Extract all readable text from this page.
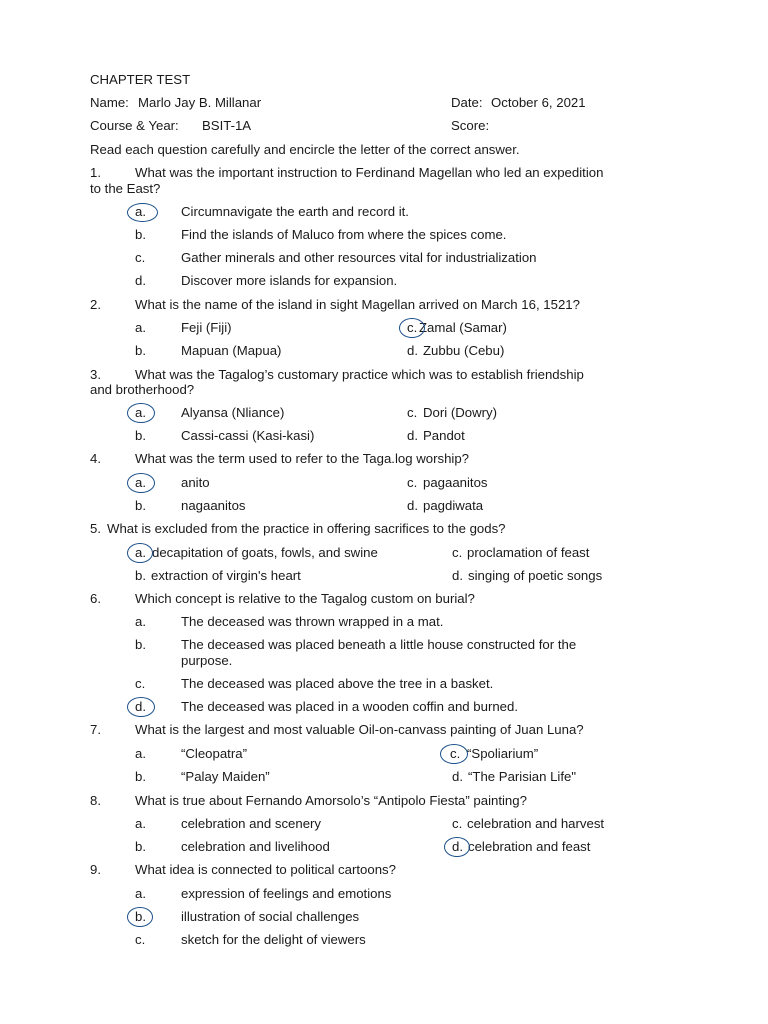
CHAPTER TEST
Name: Marlo Jay B. Millanar	Date: October 6, 2021
Course & Year: BSIT-1A	Score:
Read each question carefully and encircle the letter of the correct answer.
1.	What was the important instruction to Ferdinand Magellan who led an expedition
to the East?
a.	Circumnavigate the earth and record it.
b.	Find the islands of Maluco from where the spices come.
c.	Gather minerals and other resources vital for industrialization
d.	Discover more islands for expansion.
2.	What is the name of the island in sight Magellan arrived on March 16, 1521?
a.	Feji (Fiji)	c. Zamal (Samar)
b.	Mapuan (Mapua)	d. Zubbu (Cebu)
3.	What was the Tagalog’s customary practice which was to establish friendship
and brotherhood?
a.	Alyansa (Nliance)	c. Dori (Dowry)
b.	Cassi-cassi (Kasi-kasi)	d. Pandot
4.	What was the term used to refer to the Taga.log worship?
a.	anito	c. pagaanitos
b.	nagaanitos	d. pagdiwata
5. What is excluded from the practice in offering sacrifices to the gods?
a. decapitation of goats, fowls, and swine	c. proclamation of feast
b. extraction of virgin's heart	d. singing of poetic songs
6.	Which concept is relative to the Tagalog custom on burial?
a.	The deceased was thrown wrapped in a mat.
b.	The deceased was placed beneath a little house constructed for the
purpose.
c.	The deceased was placed above the tree in a basket.
d.	The deceased was placed in a wooden coffin and burned.
7.	What is the largest and most valuable Oil-on-canvass painting of Juan Luna?
a.	“Cleopatra”	c. “Spoliarium”
b.	“Palay Maiden”	d. “The Parisian Life"
8.	What is true about Fernando Amorsolo’s “Antipolo Fiesta” painting?
a.	celebration and scenery	c. celebration and harvest
b.	celebration and livelihood	d. celebration and feast
9.	What idea is connected to political cartoons?
a.	expression of feelings and emotions
b.	illustration of social challenges
c.	sketch for the delight of viewers
